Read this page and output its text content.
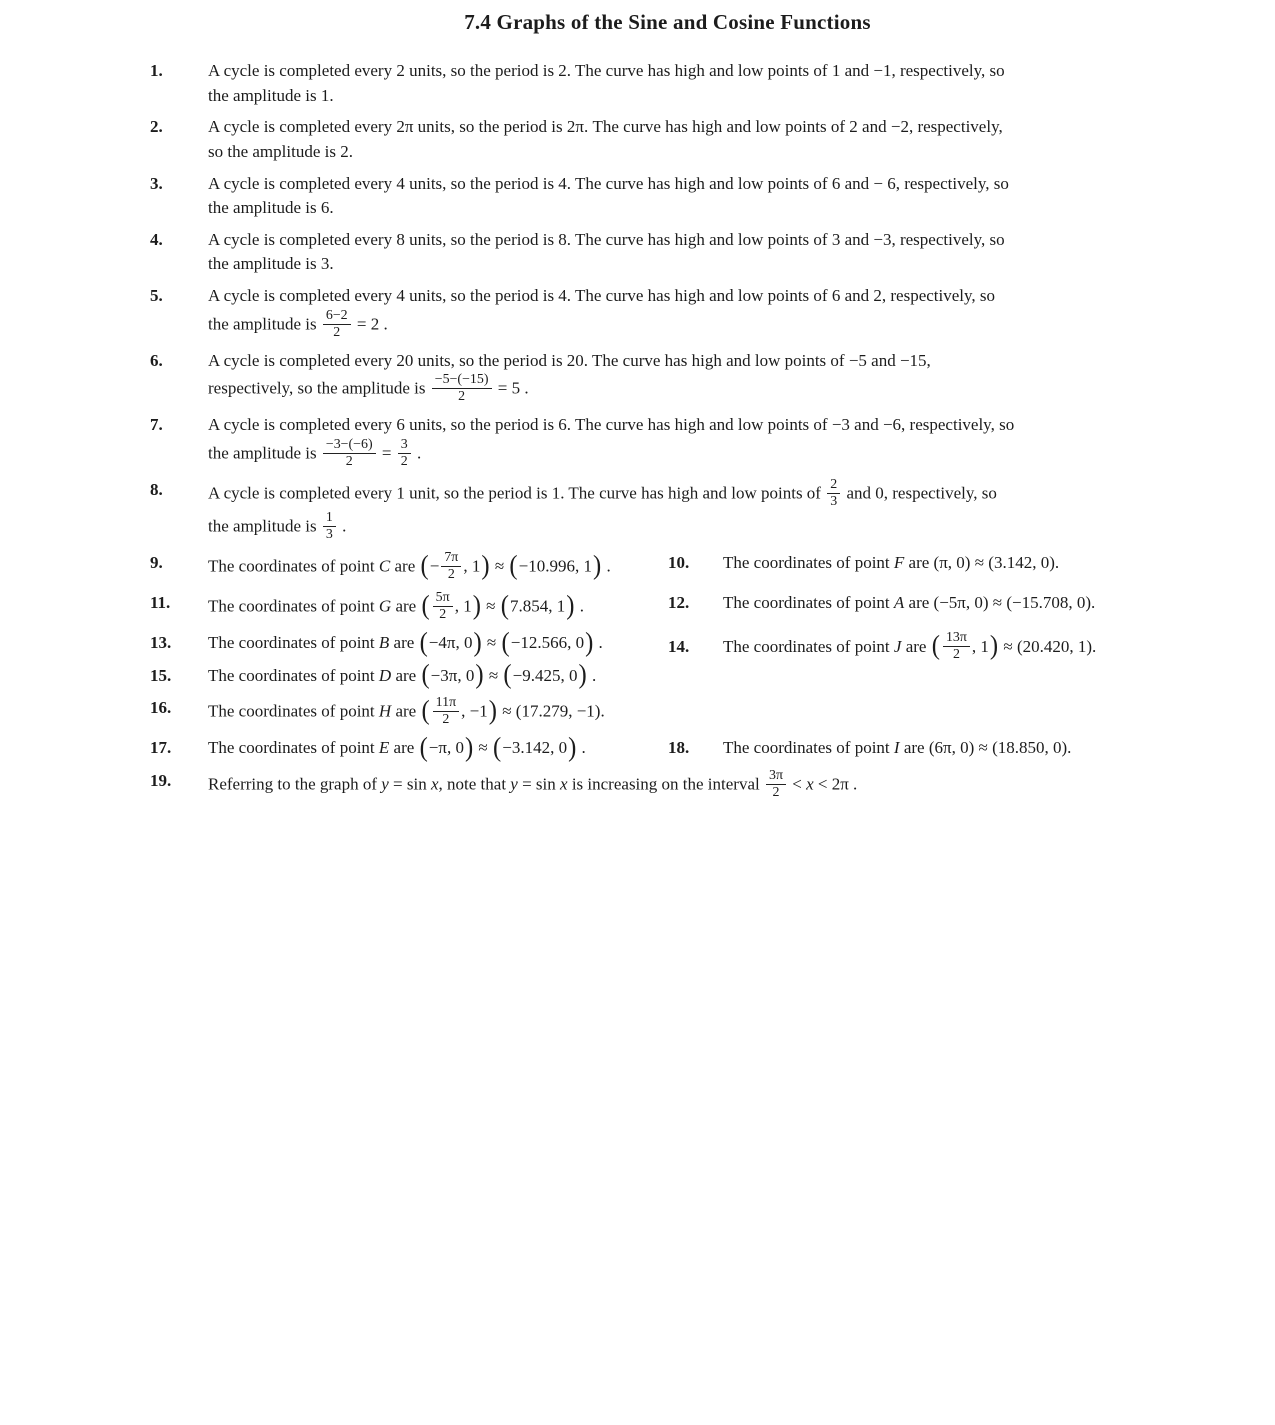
7.4 Graphs of the Sine and Cosine Functions
1.	A cycle is completed every 2 units, so the period is 2. The curve has high and low points of 1 and −1, respectively, so
the amplitude is 1.
2.	A cycle is completed every 2π units, so the period is 2π. The curve has high and low points of 2 and −2, respectively,
so the amplitude is 2.
3.	A cycle is completed every 4 units, so the period is 4. The curve has high and low points of 6 and − 6, respectively, so
the amplitude is 6.
4.	A cycle is completed every 8 units, so the period is 8. The curve has high and low points of 3 and −3, respectively, so
the amplitude is 3.
5.	A cycle is completed every 4 units, so the period is 4. The curve has high and low points of 6 and 2, respectively, so
the amplitude is $\frac{6-2}{2} = 2$ .
6.	A cycle is completed every 20 units, so the period is 20. The curve has high and low points of −5 and −15,
respectively, so the amplitude is $\frac{-5-(-15)}{2} = 5$ .
7.	A cycle is completed every 6 units, so the period is 6. The curve has high and low points of −3 and −6, respectively, so
the amplitude is $\frac{-3-(-6)}{2} = \frac{3}{2}$ .
8.	A cycle is completed every 1 unit, so the period is 1. The curve has high and low points of $\frac{2}{3}$ and 0, respectively, so
the amplitude is $\frac{1}{3}$ .
9.	The coordinates of point C are (− $\frac{7\pi}{2}$ , 1) ≈ (−10.996, 1) .	10. The coordinates of point F are (π, 0) ≈ (3.142, 0).
11.	The coordinates of point G are ( $\frac{5\pi}{2}$ , 1) ≈ (7.854, 1) .	12. The coordinates of point A are (−5π, 0) ≈ (−15.708, 0).
13.	The coordinates of point B are (−4π, 0) ≈ (−12.566, 0) .	14. The coordinates of point J are ( $\frac{13\pi}{2}$ , 1) ≈ (20.420, 1).
15.	The coordinates of point D are (−3π, 0) ≈ (−9.425, 0) .
16.	The coordinates of point H are ( $\frac{11\pi}{2}$ , −1) ≈ (17.279, −1).
17.	The coordinates of point E are (−π, 0) ≈ (−3.142, 0) .	18. The coordinates of point I are (6π, 0) ≈ (18.850, 0).
19.	Referring to the graph of y = sin x, note that y = sin x is increasing on the interval $\frac{3\pi}{2} < x < 2\pi$ .
